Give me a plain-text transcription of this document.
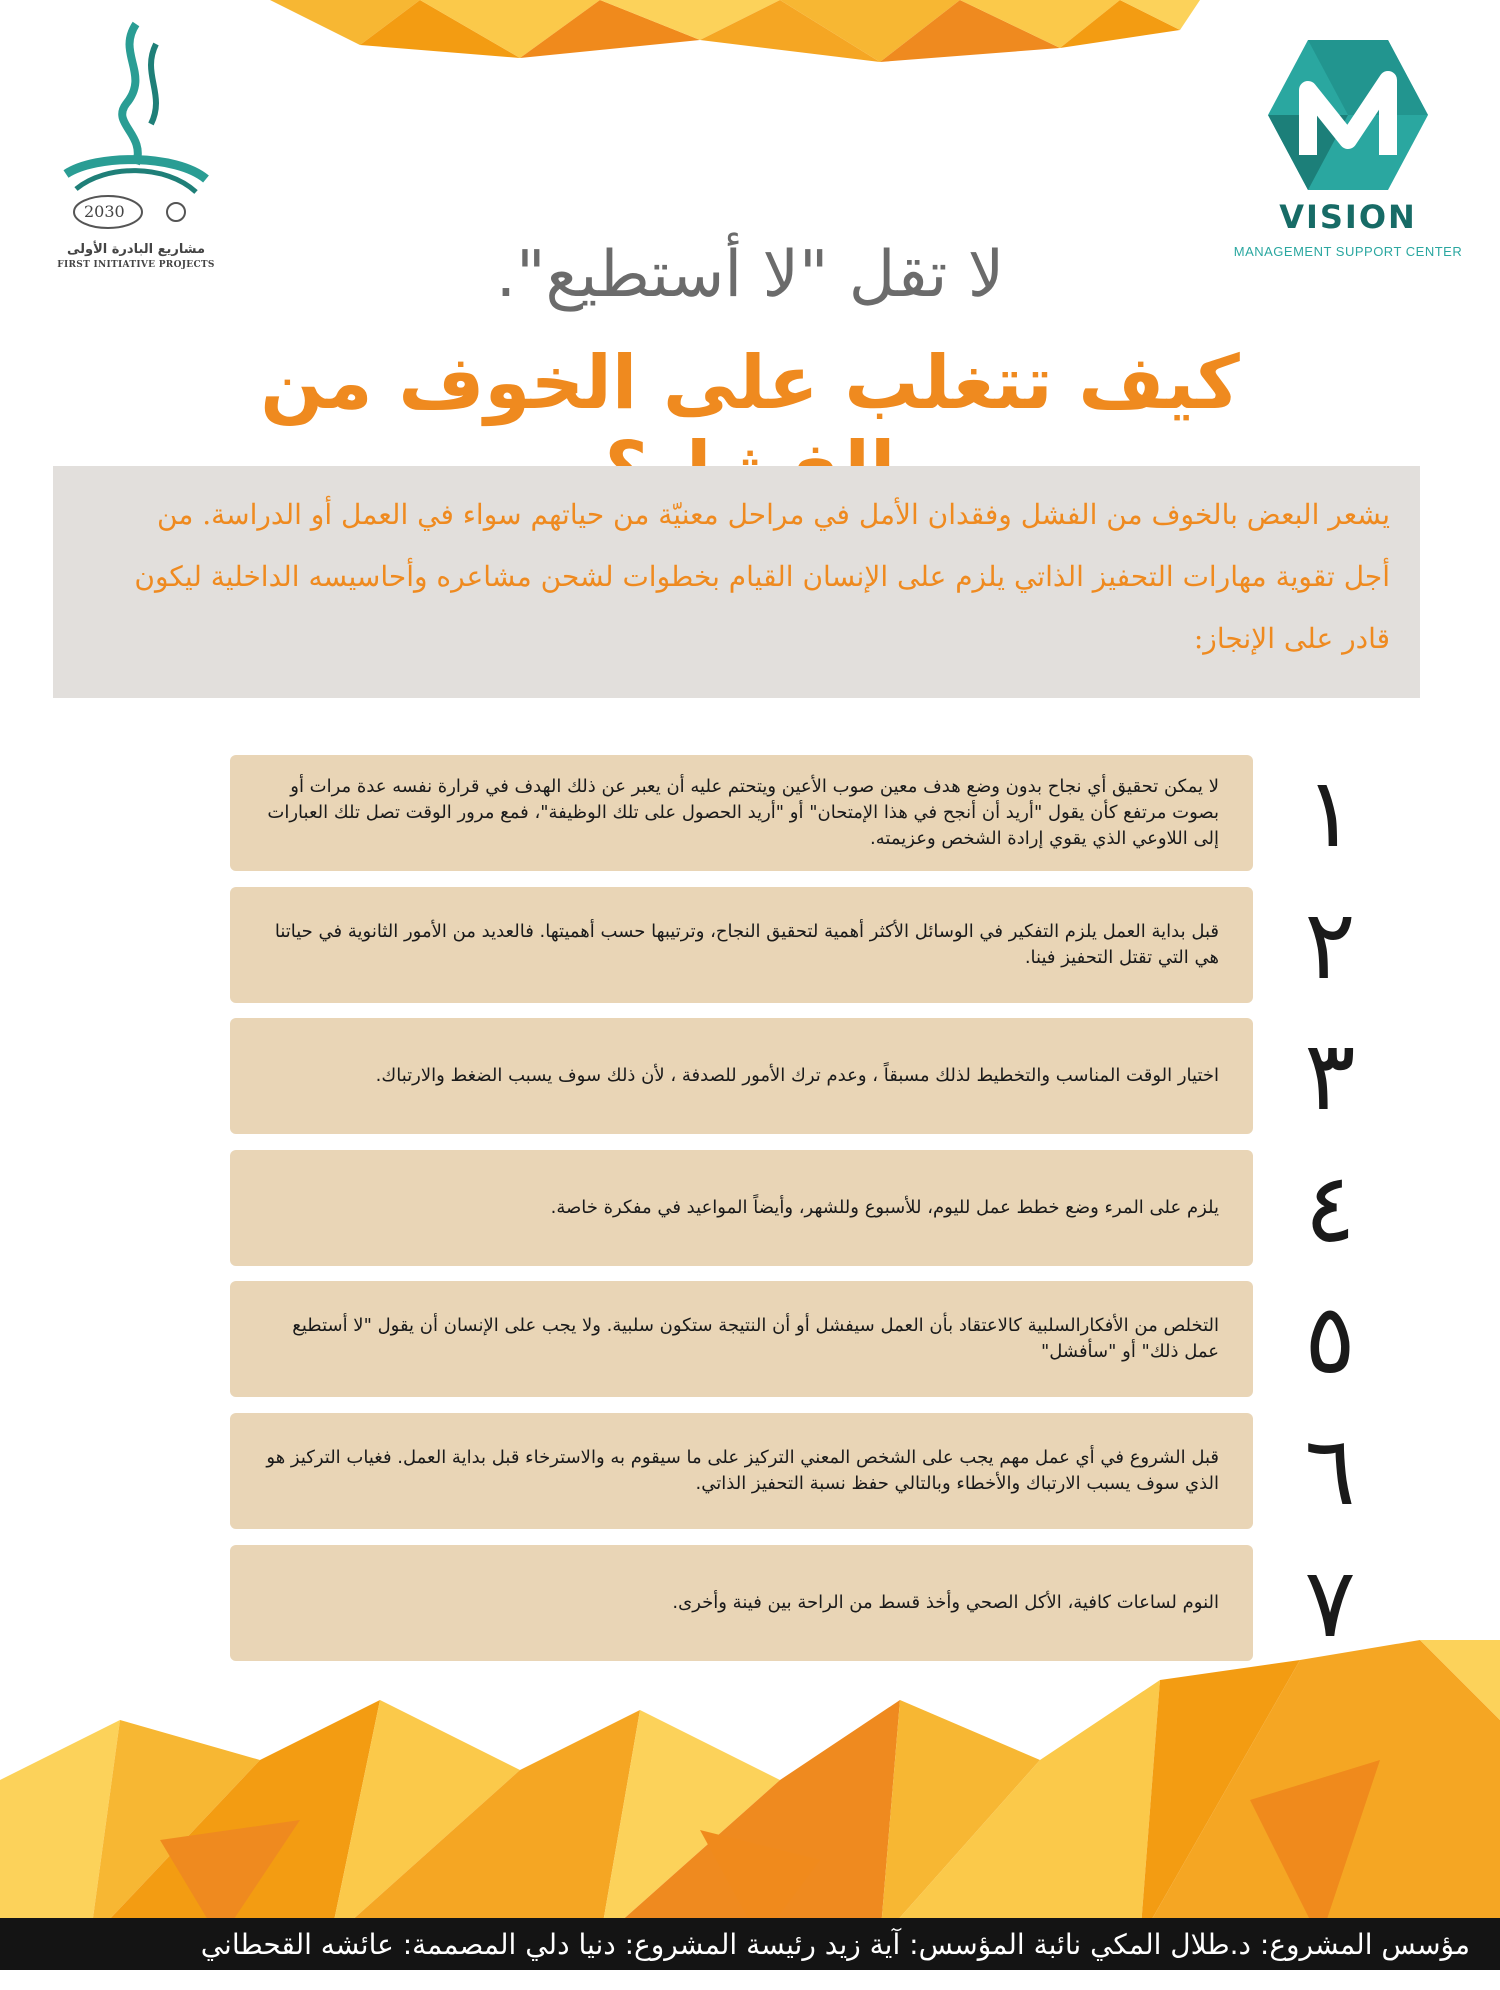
2030
مشاريع البادرة الأولى
FIRST INITIATIVE PROJECTS
VISION
MANAGEMENT SUPPORT CENTER
لا تقل "لا أستطيع".
كيف تتغلب على الخوف من

يشعر البعض بالخوف من الفشل وفقدان الأمل في مراحل معنيّة من حياتهم سواء في العمل أو الدراسة. من أجل تقوية مهارات التحفيز الذاتي يلزم على الإنسان القيام بخطوات لشحن مشاعره وأحاسيسه الداخلية ليكون قادر على الإنجاز:

لا يمكن تحقيق أي نجاح بدون وضع هدف معين صوب الأعين ويتحتم عليه أن يعبر عن ذلك الهدف في قرارة نفسه عدة مرات أو بصوت مرتفع كأن يقول "أريد أن أنجح في هذا الإمتحان" أو "أريد الحصول على تلك الوظيفة"، فمع مرور الوقت تصل تلك العبارات إلى اللاوعي الذي يقوي إرادة الشخص وعزيمته. ١

قبل بداية العمل يلزم التفكير في الوسائل الأكثر أهمية لتحقيق النجاح، وترتيبها حسب أهميتها. فالعديد من الأمور الثانوية في حياتنا هي التي تقتل التحفيز فينا. ٢

اختيار الوقت المناسب والتخطيط لذلك مسبقاً ، وعدم ترك الأمور للصدفة ، لأن ذلك سوف يسبب الضغط والارتباك. ٣

يلزم على المرء وضع خطط عمل لليوم، للأسبوع وللشهر، وأيضاً المواعيد في مفكرة خاصة. ٤

التخلص من الأفكارالسلبية كالاعتقاد بأن العمل سيفشل أو أن النتيجة ستكون سلبية. ولا يجب على الإنسان أن يقول "لا أستطيع عمل ذلك" أو "سأفشل" ٥

قبل الشروع في أي عمل مهم يجب على الشخص المعني التركيز على ما سيقوم به والاسترخاء قبل بداية العمل. فغياب التركيز هو الذي سوف يسبب الارتباك والأخطاء وبالتالي حفظ نسبة التحفيز الذاتي. ٦

النوم لساعات كافية، الأكل الصحي وأخذ قسط من الراحة بين فينة وأخرى. ٧
مؤسس المشروع: د.طلال المكي نائبة المؤسس: آية زيد رئيسة المشروع: دنيا دلي المصممة: عائشه القحطاني
